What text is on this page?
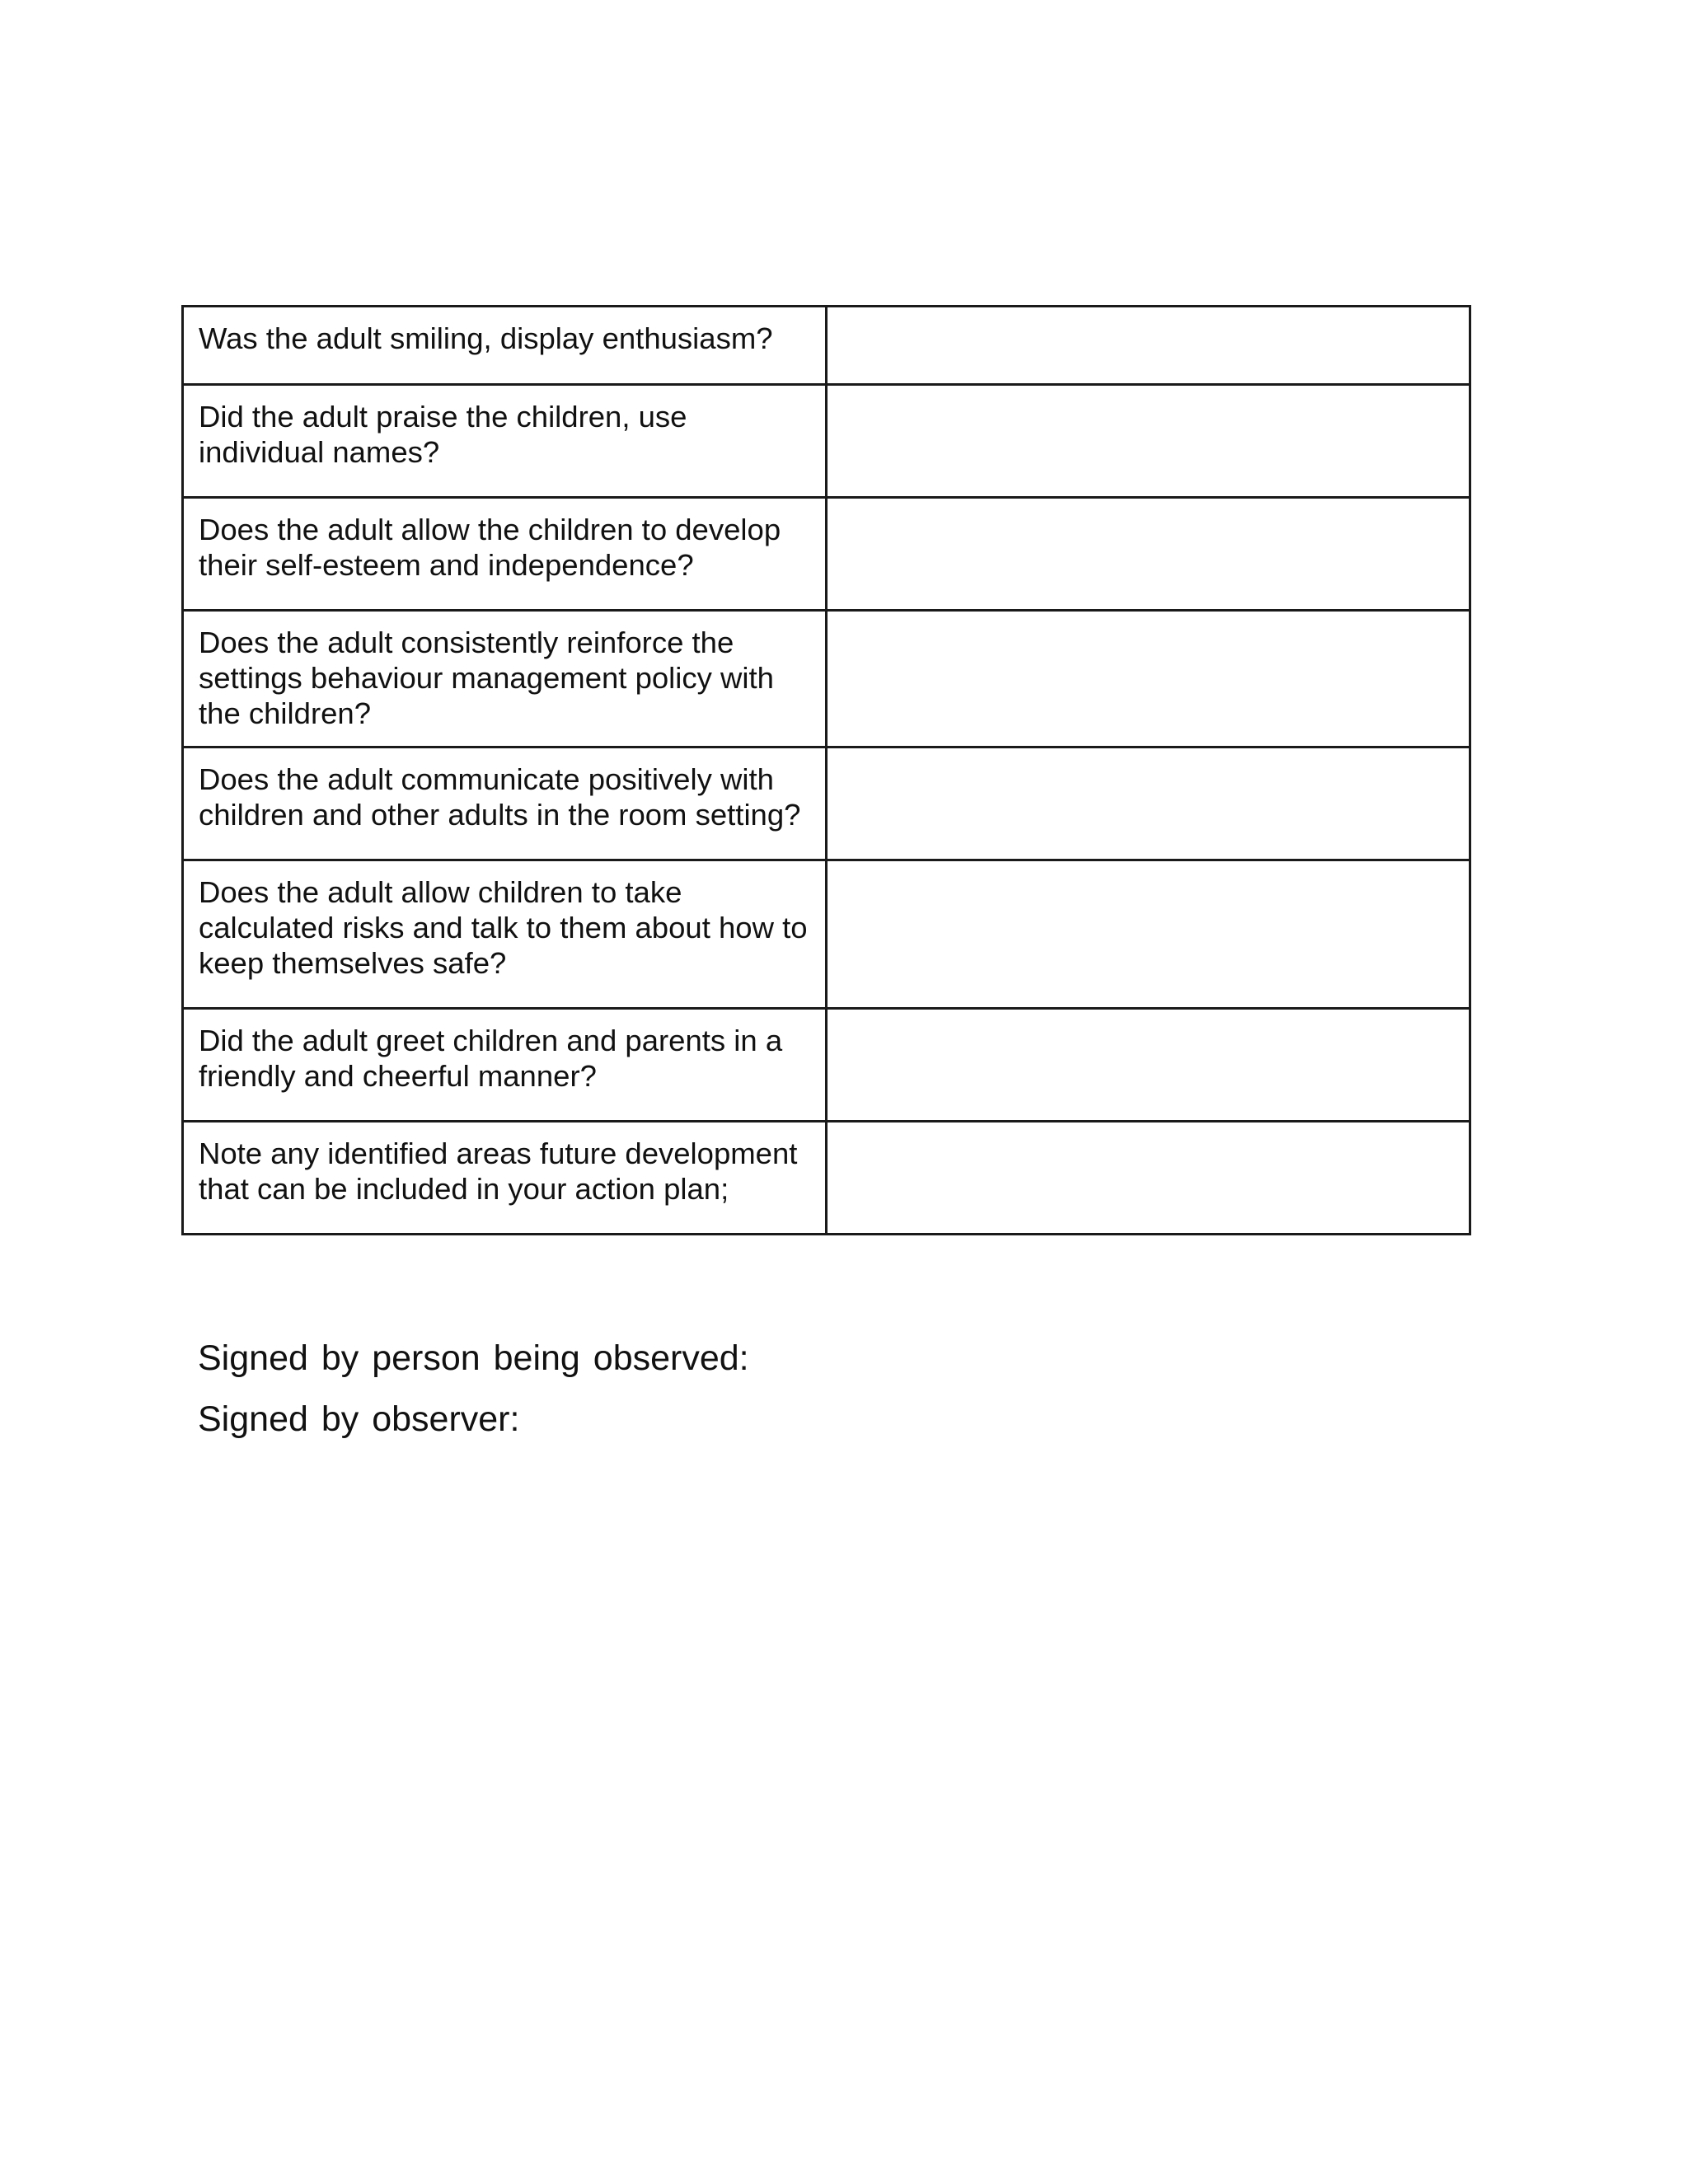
Was the adult smiling, display enthusiasm?	

Did the adult praise the children, use individual names?	

Does the adult allow the children to develop their self-esteem and independence?	

Does the adult consistently reinforce the settings behaviour management policy with the children?	

Does the adult communicate positively with children and other adults in the room setting?	

Does the adult allow children to take calculated risks and talk to them about how to keep themselves safe?	

Did the adult greet children and parents in a friendly and cheerful manner?	

Note any identified areas future development that can be included in your action plan;	

Signed by person being observed:
Signed by observer:
